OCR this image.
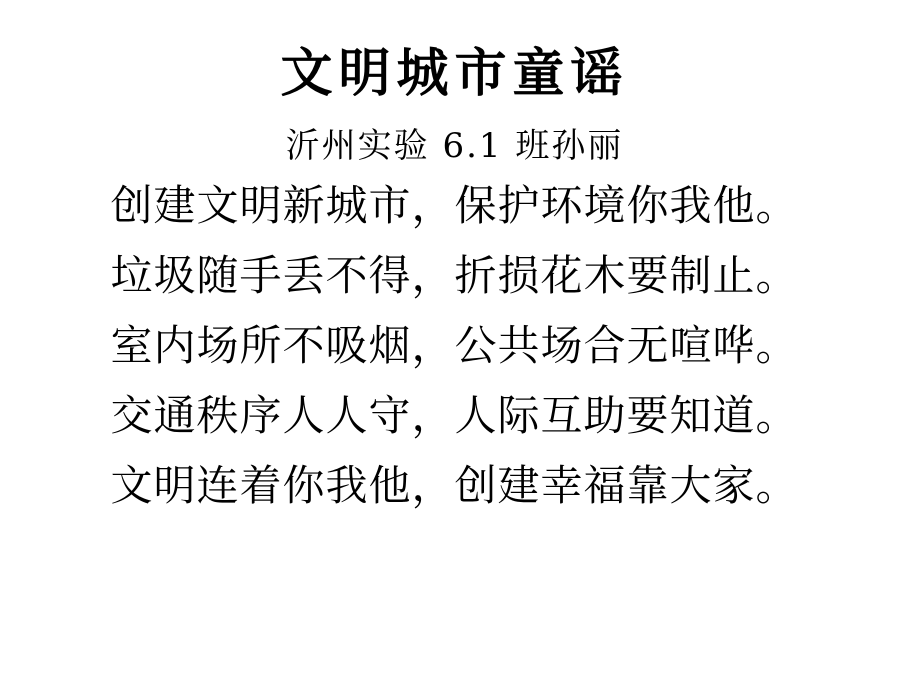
文明城市童谣
沂州实验 6.1 班孙丽
创建文明新城市，保护环境你我他。
垃圾随手丢不得，折损花木要制止。
室内场所不吸烟，公共场合无喧哗。
交通秩序人人守，人际互助要知道。
文明连着你我他，创建幸福靠大家。
